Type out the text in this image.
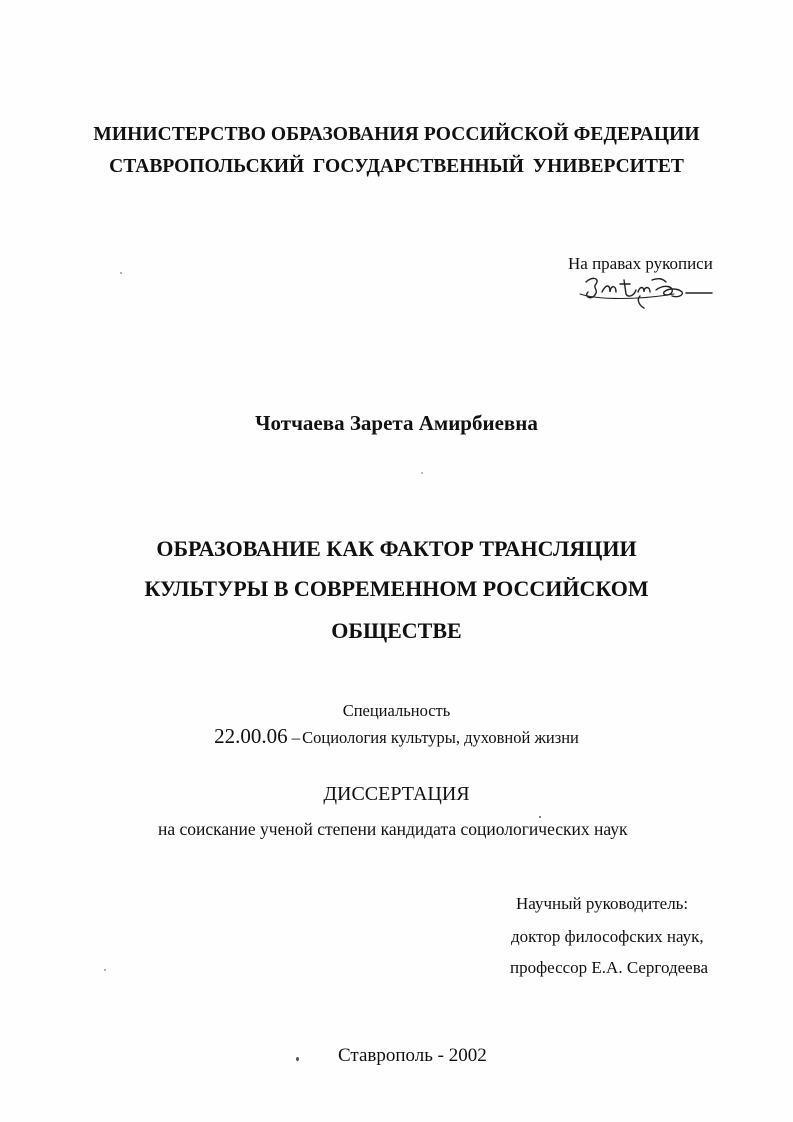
МИНИСТЕРСТВО ОБРАЗОВАНИЯ РОССИЙСКОЙ ФЕДЕРАЦИИ
СТАВРОПОЛЬСКИЙ ГОСУДАРСТВЕННЫЙ УНИВЕРСИТЕТ
На правах рукописи
Чотчаева Зарета Амирбиевна
ОБРАЗОВАНИЕ КАК ФАКТОР ТРАНСЛЯЦИИ
КУЛЬТУРЫ В СОВРЕМЕННОМ РОССИЙСКОМ
ОБЩЕСТВЕ
Специальность
22.00.06 – Социология культуры, духовной жизни
ДИССЕРТАЦИЯ
на соискание ученой степени кандидата социологических наук
Научный руководитель:
доктор философских наук,
профессор Е.А. Сергодеева
Ставрополь - 2002
